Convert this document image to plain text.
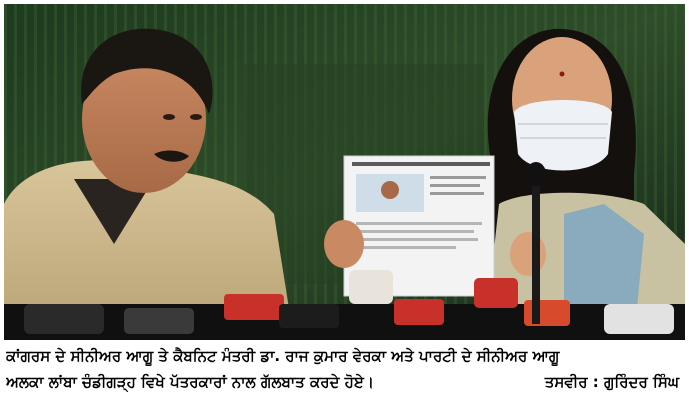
ਕਾਂਗਰਸ ਦੇ ਸੀਨੀਅਰ ਆਗੂ ਤੇ ਕੈਬਨਿਟ ਮੰਤਰੀ ਡਾ. ਰਾਜ ਕੁਮਾਰ ਵੇਰਕਾ ਅਤੇ ਪਾਰਟੀ ਦੇ ਸੀਨੀਅਰ ਆਗੂ
ਅਲਕਾ ਲਾਂਬਾ ਚੰਡੀਗੜ੍ਹ ਵਿਖੇ ਪੱਤਰਕਾਰਾਂ ਨਾਲ ਗੱਲਬਾਤ ਕਰਦੇ ਹੋਏ।	ਤਸਵੀਰ : ਗੁਰਿੰਦਰ ਸਿੰਘ
